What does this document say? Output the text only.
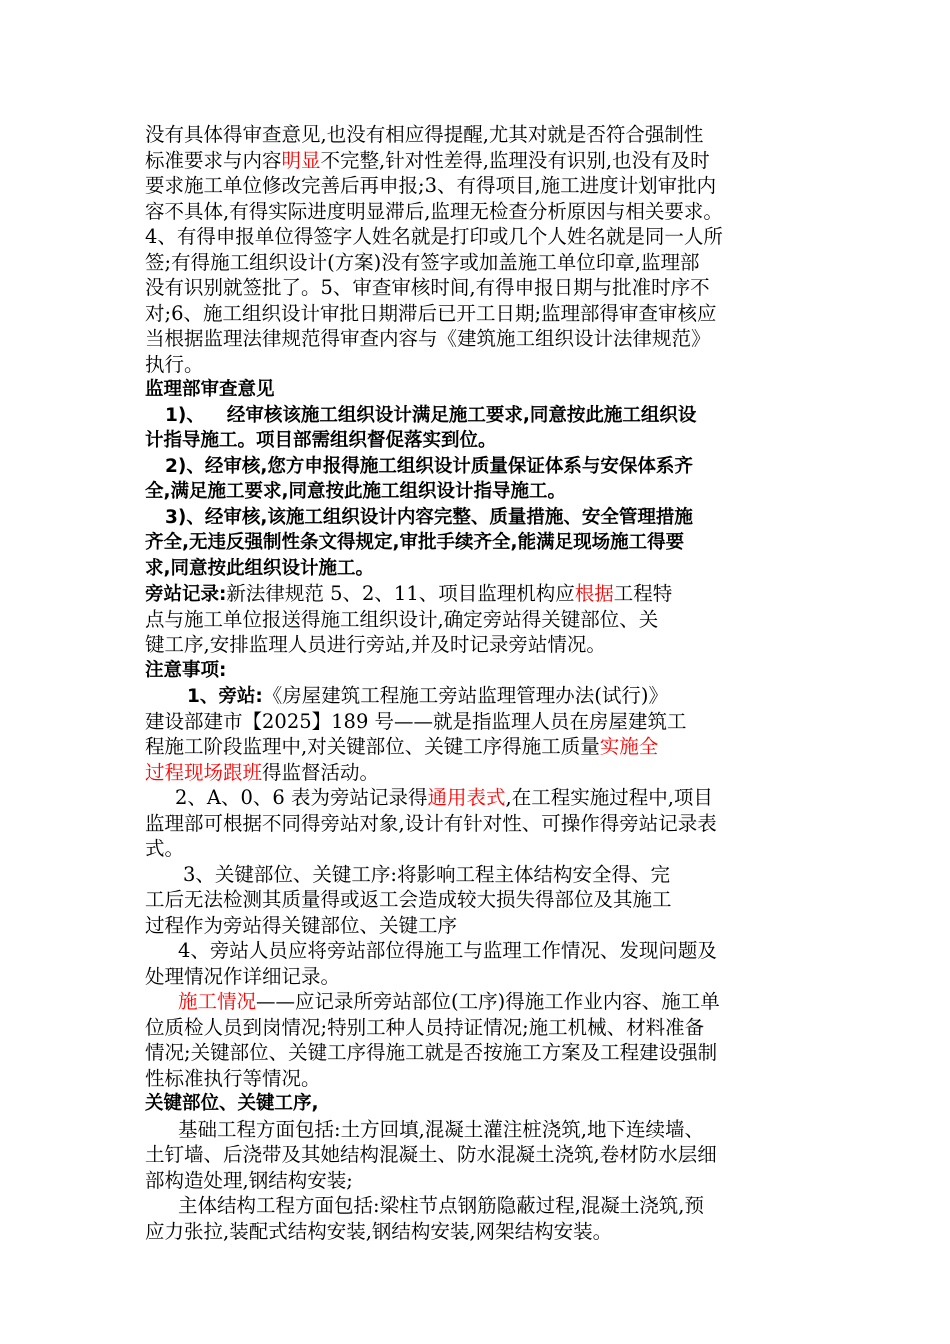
没有具体得审查意见,也没有相应得提醒,尤其对就是否符合强制性
标准要求与内容明显不完整,针对性差得,监理没有识别,也没有及时
要求施工单位修改完善后再申报;3、有得项目,施工进度计划审批内
容不具体,有得实际进度明显滞后,监理无检查分析原因与相关要求。
4、有得申报单位得签字人姓名就是打印或几个人姓名就是同一人所
签;有得施工组织设计(方案)没有签字或加盖施工单位印章,监理部
没有识别就签批了。5、审查审核时间,有得申报日期与批准时序不
对;6、施工组织设计审批日期滞后已开工日期;监理部得审查审核应
当根据监理法律规范得审查内容与《建筑施工组织设计法律规范》
执行。
监理部审查意见
1)、 经审核该施工组织设计满足施工要求,同意按此施工组织设
计指导施工。项目部需组织督促落实到位。
2)、经审核,您方申报得施工组织设计质量保证体系与安保体系齐
全,满足施工要求,同意按此施工组织设计指导施工。
3)、经审核,该施工组织设计内容完整、质量措施、安全管理措施
齐全,无违反强制性条文得规定,审批手续齐全,能满足现场施工得要
求,同意按此组织设计施工。
旁站记录:新法律规范 5、2、11、项目监理机构应根据工程特
点与施工单位报送得施工组织设计,确定旁站得关键部位、关
键工序,安排监理人员进行旁站,并及时记录旁站情况。
注意事项:
1、旁站:《房屋建筑工程施工旁站监理管理办法(试行)》
建设部建市【2025】189 号——就是指监理人员在房屋建筑工
程施工阶段监理中,对关键部位、关键工序得施工质量实施全
过程现场跟班得监督活动。
2、A、0、6 表为旁站记录得通用表式,在工程实施过程中,项目
监理部可根据不同得旁站对象,设计有针对性、可操作得旁站记录表
式。
3、关键部位、关键工序:将影响工程主体结构安全得、完
工后无法检测其质量得或返工会造成较大损失得部位及其施工
过程作为旁站得关键部位、关键工序
4、旁站人员应将旁站部位得施工与监理工作情况、发现问题及
处理情况作详细记录。
施工情况——应记录所旁站部位(工序)得施工作业内容、施工单
位质检人员到岗情况;特别工种人员持证情况;施工机械、材料准备
情况;关键部位、关键工序得施工就是否按施工方案及工程建设强制
性标准执行等情况。
关键部位、关键工序,
基础工程方面包括:土方回填,混凝土灌注桩浇筑,地下连续墙、
土钉墙、后浇带及其她结构混凝土、防水混凝土浇筑,卷材防水层细
部构造处理,钢结构安装;
主体结构工程方面包括:梁柱节点钢筋隐蔽过程,混凝土浇筑,预
应力张拉,装配式结构安装,钢结构安装,网架结构安装。
